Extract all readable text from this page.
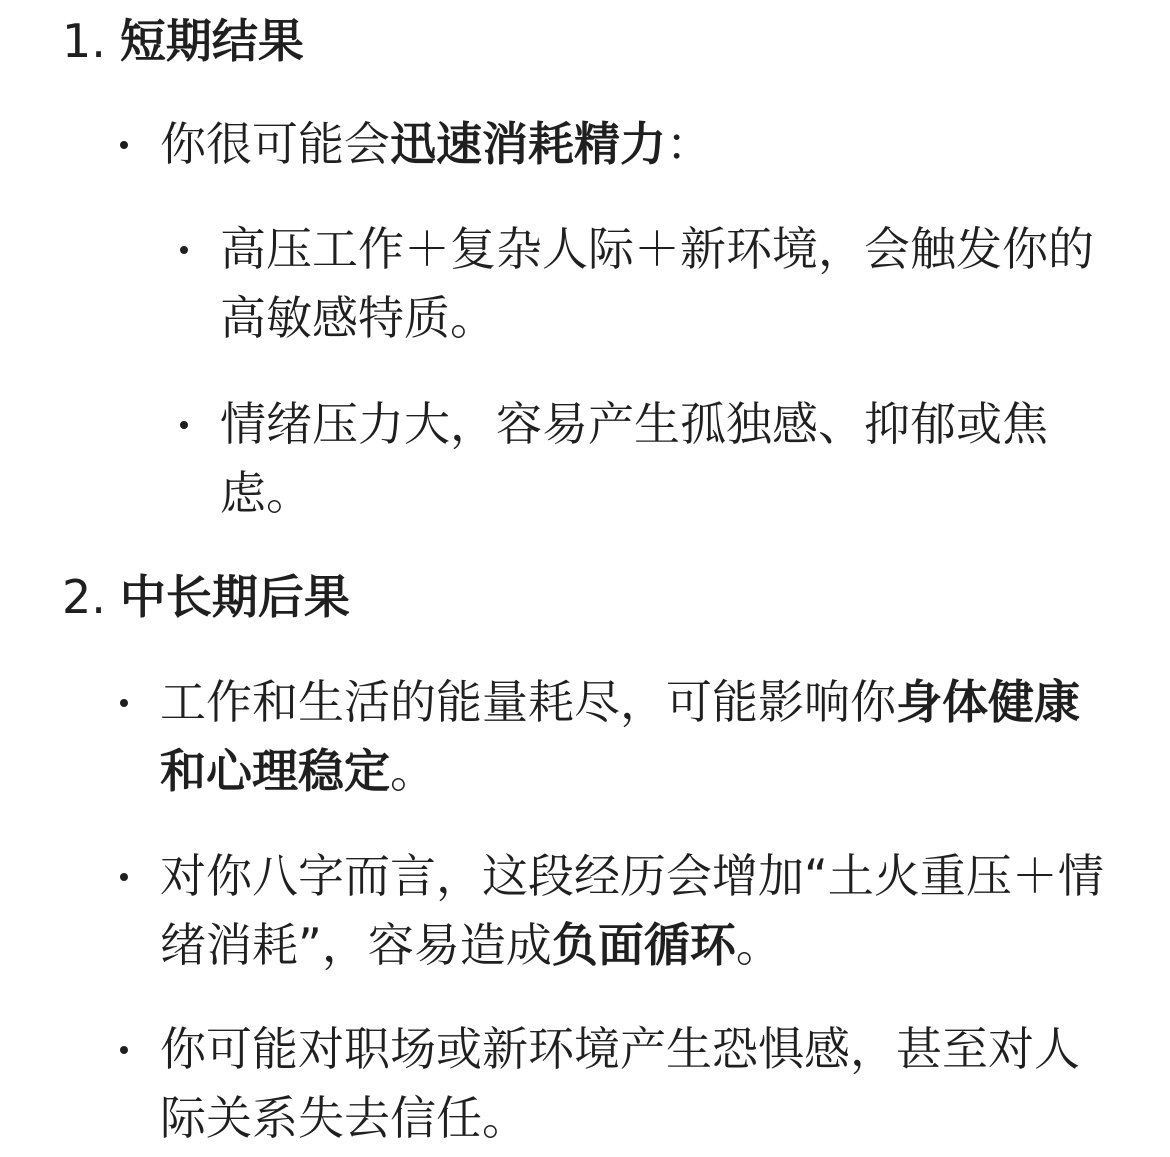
1. 短期结果
你很可能会迅速消耗精力：
高压工作＋复杂人际＋新环境，会触发你的高敏感特质。
情绪压力大，容易产生孤独感、抑郁或焦虑。
2. 中长期后果
工作和生活的能量耗尽，可能影响你身体健康和心理稳定。
对你八字而言，这段经历会增加“土火重压＋情绪消耗”，容易造成负面循环。
你可能对职场或新环境产生恐惧感，甚至对人际关系失去信任。
